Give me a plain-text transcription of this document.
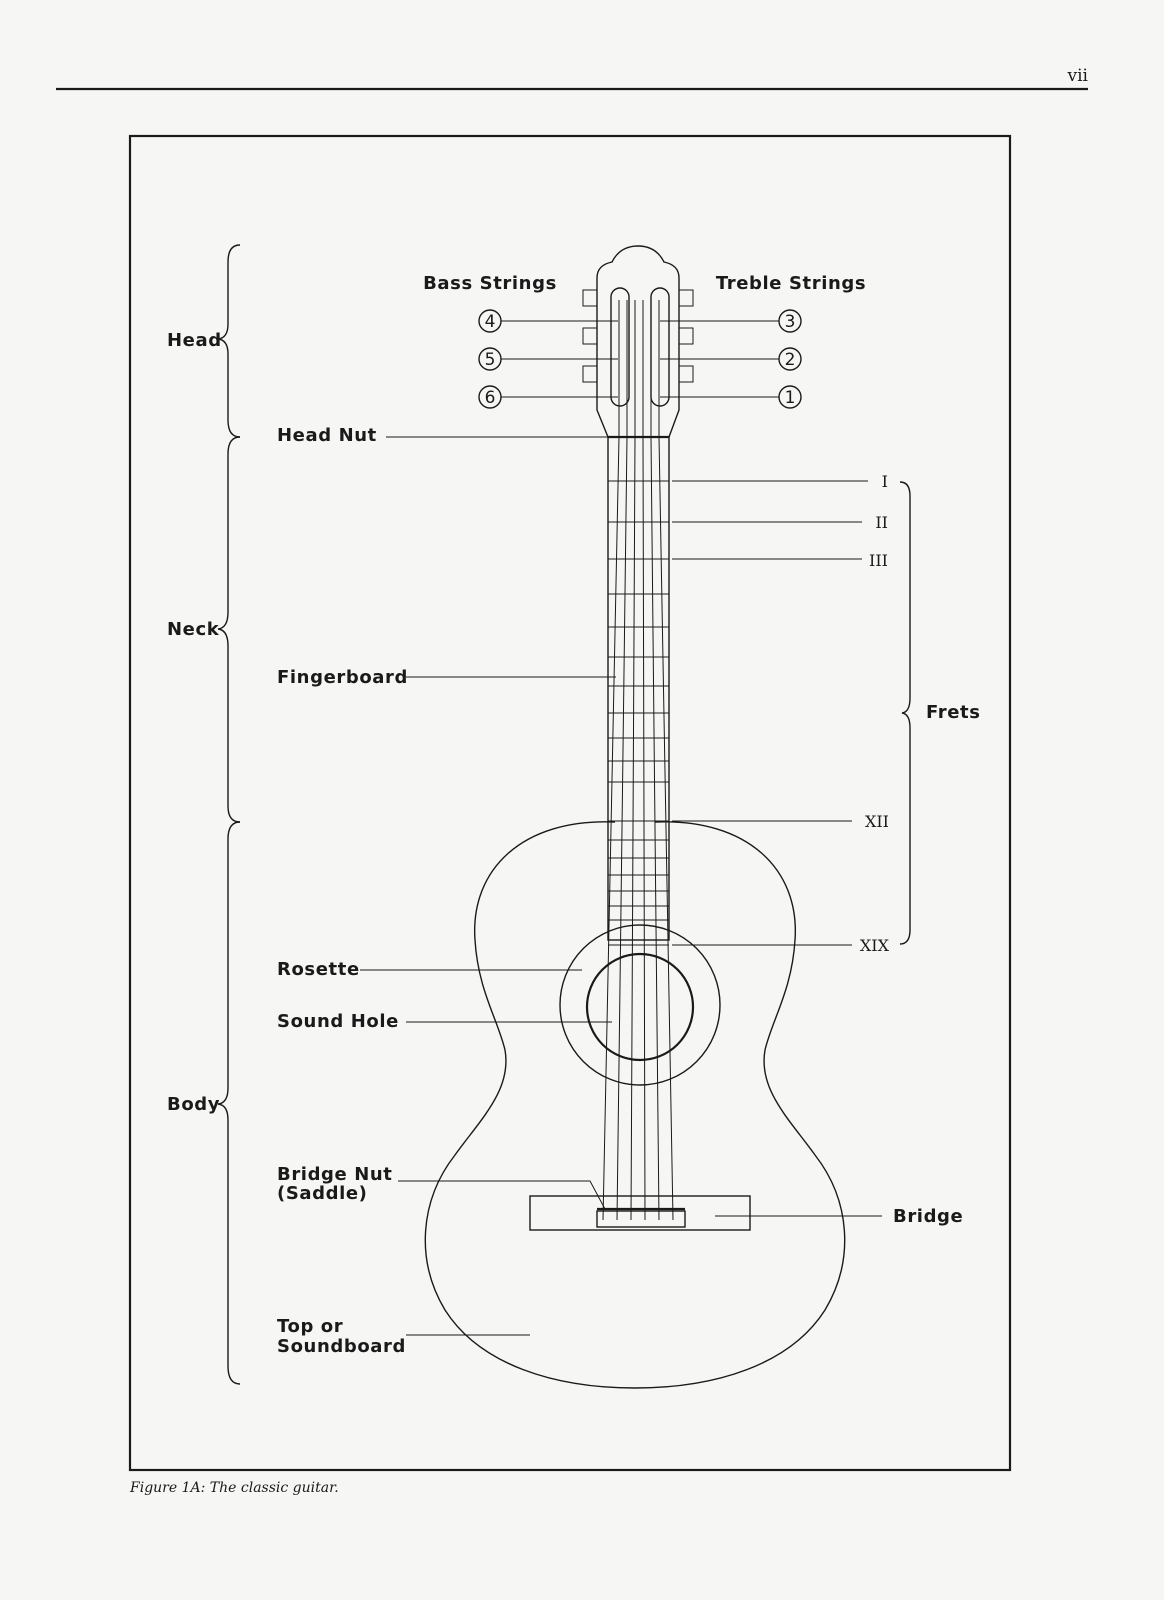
vii
Head
Neck
Body
Frets
4
5
6
3
2
1
Bass Strings	Treble Strings
Head Nut
Fingerboard
Rosette
Sound Hole
Bridge Nut
(Saddle)
Top or
Soundboard
Bridge
I
II
III
XII
XIX
Figure 1A: The classic guitar.
